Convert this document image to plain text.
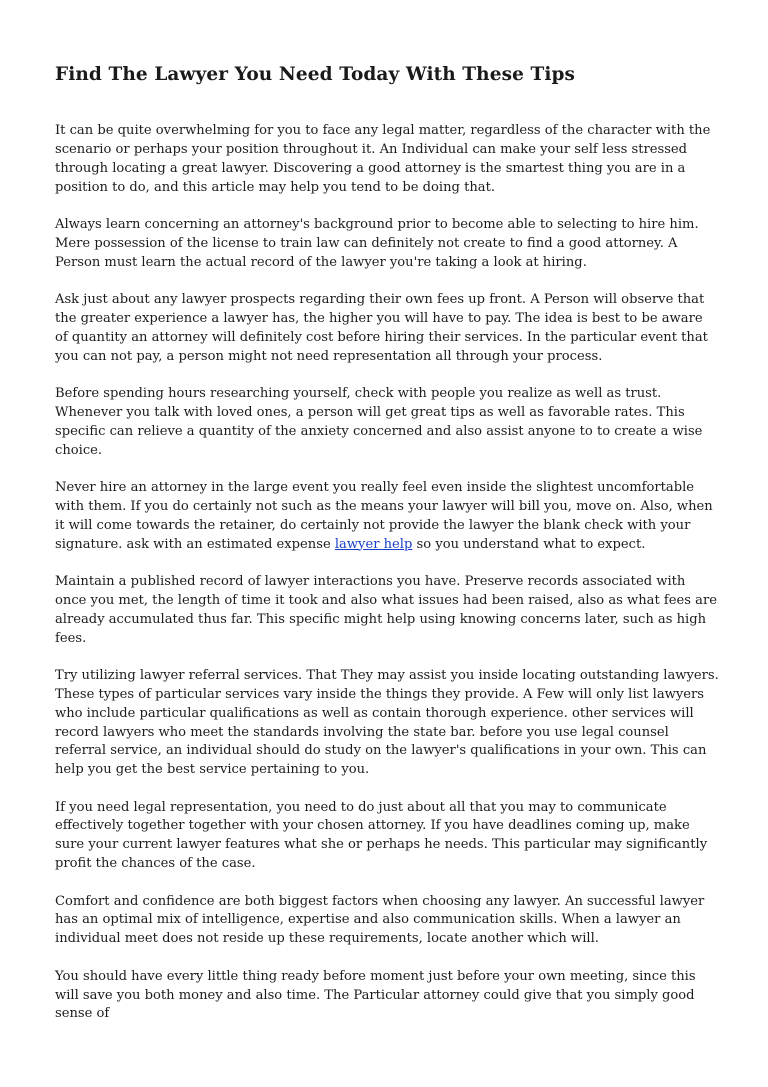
Find The Lawyer You Need Today With These Tips

It can be quite overwhelming for you to face any legal matter, regardless of the character with the scenario or perhaps your position throughout it. An Individual can make your self less stressed through locating a great lawyer. Discovering a good attorney is the smartest thing you are in a position to do, and this article may help you tend to be doing that.

Always learn concerning an attorney's background prior to become able to selecting to hire him. Mere possession of the license to train law can definitely not create to find a good attorney. A Person must learn the actual record of the lawyer you're taking a look at hiring.

Ask just about any lawyer prospects regarding their own fees up front. A Person will observe that the greater experience a lawyer has, the higher you will have to pay. The idea is best to be aware of quantity an attorney will definitely cost before hiring their services. In the particular event that you can not pay, a person might not need representation all through your process.

Before spending hours researching yourself, check with people you realize as well as trust. Whenever you talk with loved ones, a person will get great tips as well as favorable rates. This specific can relieve a quantity of the anxiety concerned and also assist anyone to to create a wise choice.

Never hire an attorney in the large event you really feel even inside the slightest uncomfortable with them. If you do certainly not such as the means your lawyer will bill you, move on. Also, when it will come towards the retainer, do certainly not provide the lawyer the blank check with your signature. ask with an estimated expense lawyer help so you understand what to expect.

Maintain a published record of lawyer interactions you have. Preserve records associated with once you met, the length of time it took and also what issues had been raised, also as what fees are already accumulated thus far. This specific might help using knowing concerns later, such as high fees.

Try utilizing lawyer referral services. That They may assist you inside locating outstanding lawyers. These types of particular services vary inside the things they provide. A Few will only list lawyers who include particular qualifications as well as contain thorough experience. other services will record lawyers who meet the standards involving the state bar. before you use legal counsel referral service, an individual should do study on the lawyer's qualifications in your own. This can help you get the best service pertaining to you.

If you need legal representation, you need to do just about all that you may to communicate effectively together together with your chosen attorney. If you have deadlines coming up, make sure your current lawyer features what she or perhaps he needs. This particular may significantly profit the chances of the case.

Comfort and confidence are both biggest factors when choosing any lawyer. An successful lawyer has an optimal mix of intelligence, expertise and also communication skills. When a lawyer an individual meet does not reside up these requirements, locate another which will.

You should have every little thing ready before moment just before your own meeting, since this will save you both money and also time. The Particular attorney could give that you simply good sense of
